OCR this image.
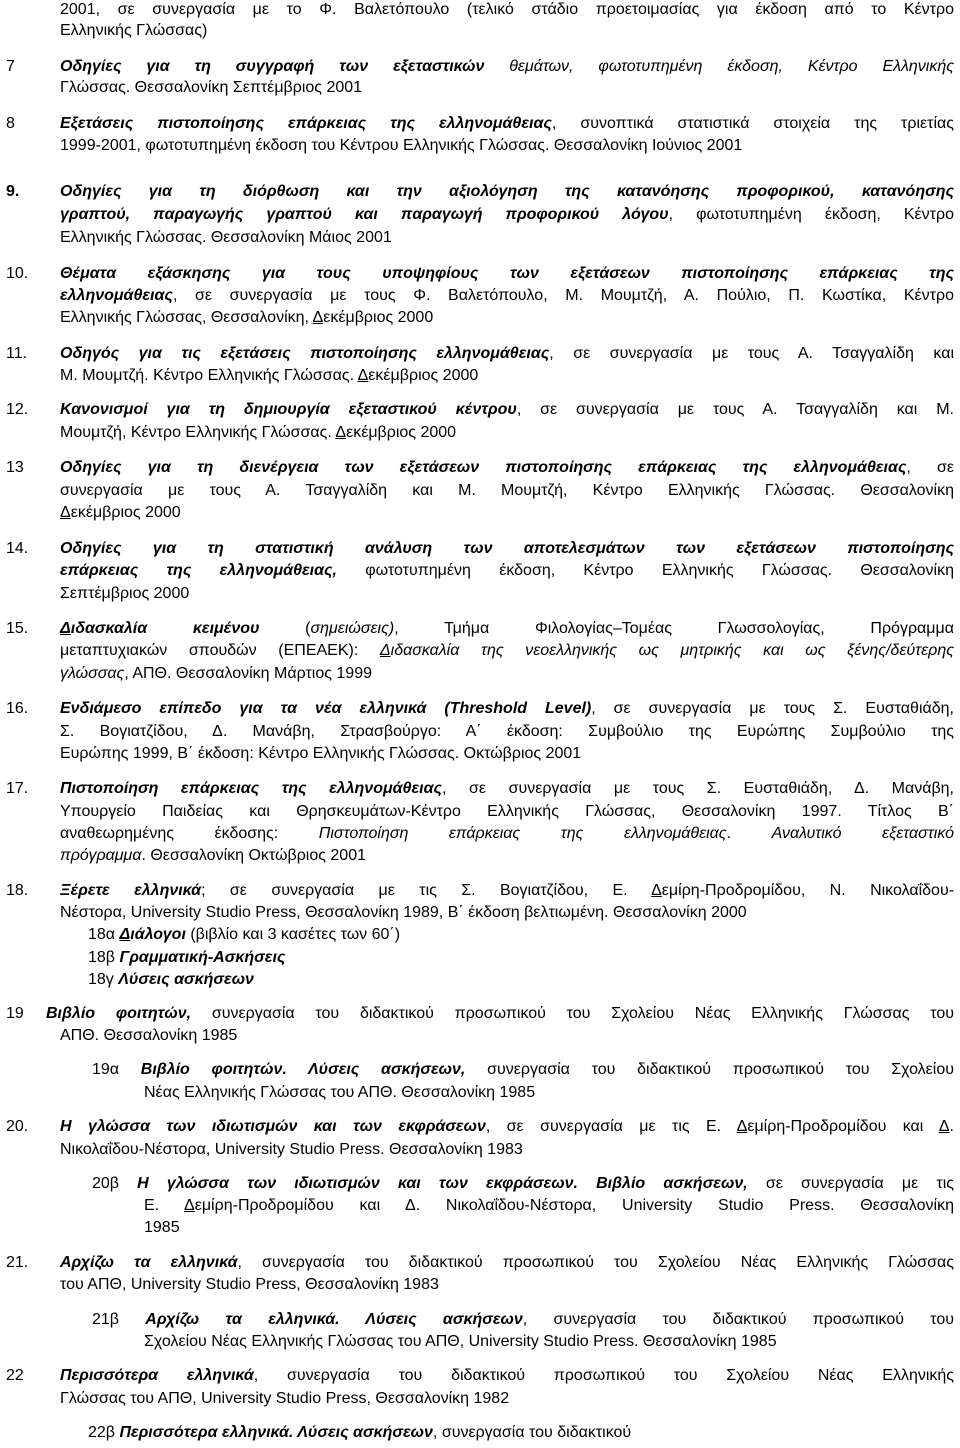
2001, σε συνεργασία με το Φ. Βαλετόπουλο (τελικό στάδιο προετοιμασίας για έκδοση από το Κέντρο
Ελληνικής Γλώσσας)
7	Οδηγίες για τη συγγραφή των εξεταστικών θεμάτων, φωτοτυπημένη έκδοση, Κέντρο Ελληνικής
Γλώσσας. Θεσσαλονίκη Σεπτέμβριος 2001
8	Εξετάσεις πιστοποίησης επάρκειας της ελληνομάθειας, συνοπτικά στατιστικά στοιχεία της τριετίας
1999-2001, φωτοτυπημένη έκδοση του Κέντρου Ελληνικής Γλώσσας. Θεσσαλονίκη Ιούνιος 2001
9.	Οδηγίες για τη διόρθωση και την αξιολόγηση της κατανόησης προφορικού, κατανόησης
γραπτού, παραγωγής γραπτού και παραγωγή προφορικού λόγου, φωτοτυπημένη έκδοση, Κέντρο
Ελληνικής Γλώσσας. Θεσσαλονίκη Μάιος 2001
10. Θέματα εξάσκησης για τους υποψηφίους των εξετάσεων πιστοποίησης επάρκειας της
ελληνομάθειας, σε συνεργασία με τους Φ. Βαλετόπουλο, Μ. Μουμτζή, Α. Πούλιο, Π. Κωστίκα, Κέντρο
Ελληνικής Γλώσσας, Θεσσαλονίκη, Δεκέμβριος 2000
11. Οδηγός για τις εξετάσεις πιστοποίησης ελληνομάθειας, σε συνεργασία με τους Α. Τσαγγαλίδη και
Μ. Μουμτζή. Κέντρο Ελληνικής Γλώσσας. Δεκέμβριος 2000
12. Κανονισμοί για τη δημιουργία εξεταστικού κέντρου, σε συνεργασία με τους Α. Τσαγγαλίδη και Μ.
Μουμτζή, Κέντρο Ελληνικής Γλώσσας. Δεκέμβριος 2000
13 Οδηγίες για τη διενέργεια των εξετάσεων πιστοποίησης επάρκειας της ελληνομάθειας, σε
συνεργασία με τους Α. Τσαγγαλίδη και Μ. Μουμτζή, Κέντρο Ελληνικής Γλώσσας. Θεσσαλονίκη
Δεκέμβριος 2000
14. Οδηγίες για τη στατιστική ανάλυση των αποτελεσμάτων των εξετάσεων πιστοποίησης
επάρκειας της ελληνομάθειας, φωτοτυπημένη έκδοση, Κέντρο Ελληνικής Γλώσσας. Θεσσαλονίκη
Σεπτέμβριος 2000
15. Διδασκαλία κειμένου (σημειώσεις), Τμήμα Φιλολογίας–Τομέας Γλωσσολογίας, Πρόγραμμα
μεταπτυχιακών σπουδών (ΕΠΕΑΕΚ): Διδασκαλία της νεοελληνικής ως μητρικής και ως ξένης/δεύτερης
γλώσσας, ΑΠΘ. Θεσσαλονίκη Μάρτιος 1999
16. Ενδιάμεσο επίπεδο για τα νέα ελληνικά (Threshold Level), σε συνεργασία με τους Σ. Ευσταθιάδη,
Σ. Βογιατζίδου, Δ. Μανάβη, Στρασβούργο: Α΄ έκδοση: Συμβούλιο της Ευρώπης Συμβούλιο της
Ευρώπης 1999, Β΄ έκδοση: Κέντρο Ελληνικής Γλώσσας. Οκτώβριος 2001
17. Πιστοποίηση επάρκειας της ελληνομάθειας, σε συνεργασία με τους Σ. Ευσταθιάδη, Δ. Μανάβη,
Υπουργείο Παιδείας και Θρησκευμάτων-Κέντρο Ελληνικής Γλώσσας, Θεσσαλονίκη 1997. Τίτλος Β΄
αναθεωρημένης έκδοσης: Πιστοποίηση επάρκειας της ελληνομάθειας. Αναλυτικό εξεταστικό
πρόγραμμα. Θεσσαλονίκη Οκτώβριος 2001
18. Ξέρετε ελληνικά; σε συνεργασία με τις Σ. Βογιατζίδου, Ε. Δεμίρη-Προδρομίδου, Ν. Νικολαΐδου-
Νέστορα, University Studio Press, Θεσσαλονίκη 1989, Β΄ έκδοση βελτιωμένη. Θεσσαλονίκη 2000
18α Διάλογοι (βιβλίο και 3 κασέτες των 60΄)
18β Γραμματική-Ασκήσεις
18γ Λύσεις ασκήσεων
19 Βιβλίο φοιτητών, συνεργασία του διδακτικού προσωπικού του Σχολείου Νέας Ελληνικής Γλώσσας του
ΑΠΘ. Θεσσαλονίκη 1985
19α Βιβλίο φοιτητών. Λύσεις ασκήσεων, συνεργασία του διδακτικού προσωπικού του Σχολείου
Νέας Ελληνικής Γλώσσας του ΑΠΘ. Θεσσαλονίκη 1985
20. Η γλώσσα των ιδιωτισμών και των εκφράσεων, σε συνεργασία με τις Ε. Δεμίρη-Προδρομίδου και Δ.
Νικολαΐδου-Νέστορα, University Studio Press. Θεσσαλονίκη 1983
20β Η γλώσσα των ιδιωτισμών και των εκφράσεων. Βιβλίο ασκήσεων, σε συνεργασία με τις
Ε. Δεμίρη-Προδρομίδου και Δ. Νικολαΐδου-Νέστορα, University Studio Press. Θεσσαλονίκη
1985
21. Αρχίζω τα ελληνικά, συνεργασία του διδακτικού προσωπικού του Σχολείου Νέας Ελληνικής Γλώσσας
του ΑΠΘ, University Studio Press, Θεσσαλονίκη 1983
21β Αρχίζω τα ελληνικά. Λύσεις ασκήσεων, συνεργασία του διδακτικού προσωπικού του
Σχολείου Νέας Ελληνικής Γλώσσας του ΑΠΘ, University Studio Press. Θεσσαλονίκη 1985
22 Περισσότερα ελληνικά, συνεργασία του διδακτικού προσωπικού του Σχολείου Νέας Ελληνικής
Γλώσσας του ΑΠΘ, University Studio Press, Θεσσαλονίκη 1982
22β Περισσότερα ελληνικά. Λύσεις ασκήσεων, συνεργασία του διδακτικού
